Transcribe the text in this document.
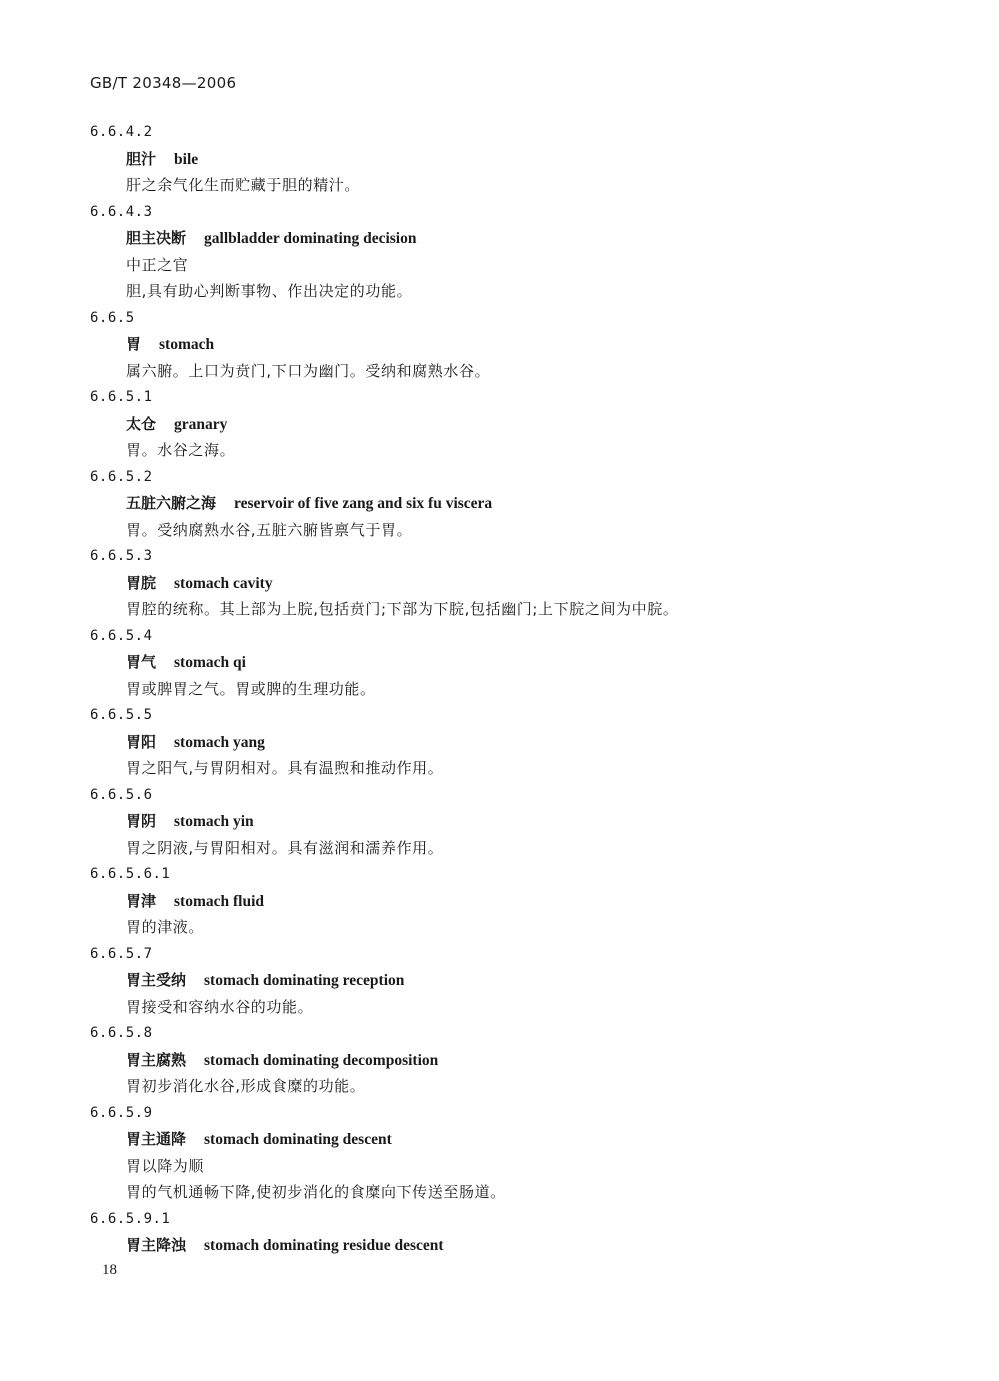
GB/T 20348—2006
6.6.4.2
胆汁 bile
肝之余气化生而贮藏于胆的精汁。
6.6.4.3
胆主决断 gallbladder dominating decision
中正之官
胆,具有助心判断事物、作出决定的功能。
6.6.5
胃 stomach
属六腑。上口为贲门,下口为幽门。受纳和腐熟水谷。
6.6.5.1
太仓 granary
胃。水谷之海。
6.6.5.2
五脏六腑之海 reservoir of five zang and six fu viscera
胃。受纳腐熟水谷,五脏六腑皆禀气于胃。
6.6.5.3
胃脘 stomach cavity
胃腔的统称。其上部为上脘,包括贲门;下部为下脘,包括幽门;上下脘之间为中脘。
6.6.5.4
胃气 stomach qi
胃或脾胃之气。胃或脾的生理功能。
6.6.5.5
胃阳 stomach yang
胃之阳气,与胃阴相对。具有温煦和推动作用。
6.6.5.6
胃阴 stomach yin
胃之阴液,与胃阳相对。具有滋润和濡养作用。
6.6.5.6.1
胃津 stomach fluid
胃的津液。
6.6.5.7
胃主受纳 stomach dominating reception
胃接受和容纳水谷的功能。
6.6.5.8
胃主腐熟 stomach dominating decomposition
胃初步消化水谷,形成食糜的功能。
6.6.5.9
胃主通降 stomach dominating descent
胃以降为顺
胃的气机通畅下降,使初步消化的食糜向下传送至肠道。
6.6.5.9.1
胃主降浊 stomach dominating residue descent
18
